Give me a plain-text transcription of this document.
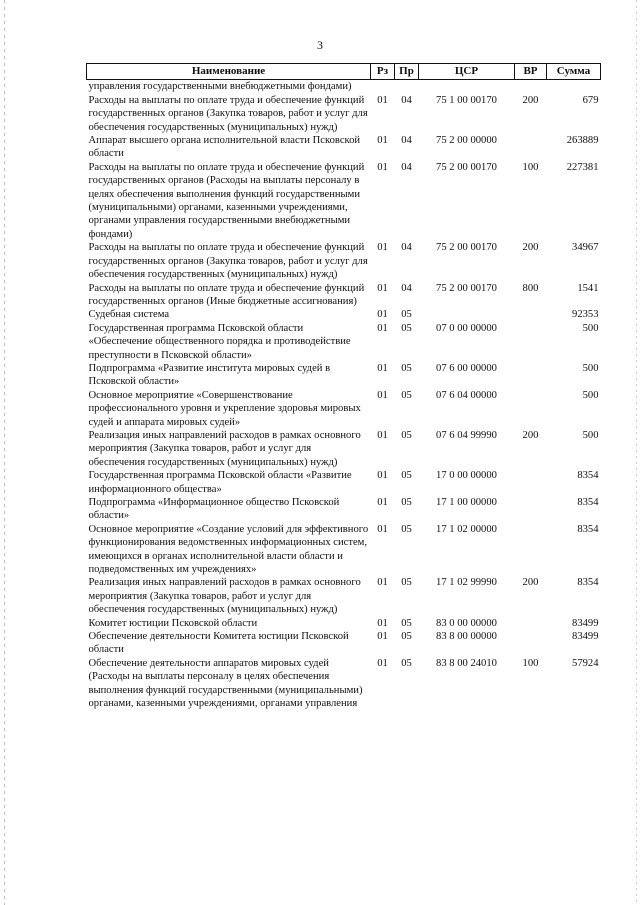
3
Наименование	Рз	Пр	ЦСР	ВР	Сумма
управления государственными внебюджетными фондами)					
Расходы на выплаты по оплате труда и обеспечение функций государственных органов (Закупка товаров, работ и услуг для обеспечения государственных (муниципальных) нужд)	01	04	75 1 00 00170	200	679
Аппарат высшего органа исполнительной власти Псковской области	01	04	75 2 00 00000		263889
Расходы на выплаты по оплате труда и обеспечение функций государственных органов (Расходы на выплаты персоналу в целях обеспечения выполнения функций государственными (муниципальными) органами, казенными учреждениями, органами управления государственными внебюджетными фондами)	01	04	75 2 00 00170	100	227381
Расходы на выплаты по оплате труда и обеспечение функций государственных органов (Закупка товаров, работ и услуг для обеспечения государственных (муниципальных) нужд)	01	04	75 2 00 00170	200	34967
Расходы на выплаты по оплате труда и обеспечение функций государственных органов (Иные бюджетные ассигнования)	01	04	75 2 00 00170	800	1541
Судебная система	01	05			92353
Государственная программа Псковской области «Обеспечение общественного порядка и противодействие преступности в Псковской области»	01	05	07 0 00 00000		500
Подпрограмма «Развитие института мировых судей в Псковской области»	01	05	07 6 00 00000		500
Основное мероприятие «Совершенствование профессионального уровня и укрепление здоровья мировых судей и аппарата мировых судей»	01	05	07 6 04 00000		500
Реализация иных направлений расходов в рамках основного мероприятия (Закупка товаров, работ и услуг для обеспечения государственных (муниципальных) нужд)	01	05	07 6 04 99990	200	500
Государственная программа Псковской области «Развитие информационного общества»	01	05	17 0 00 00000		8354
Подпрограмма «Информационное общество Псковской области»	01	05	17 1 00 00000		8354
Основное мероприятие «Создание условий для эффективного функционирования ведомственных информационных систем, имеющихся в органах исполнительной власти области и подведомственных им учреждениях»	01	05	17 1 02 00000		8354
Реализация иных направлений расходов в рамках основного мероприятия (Закупка товаров, работ и услуг для обеспечения государственных (муниципальных) нужд)	01	05	17 1 02 99990	200	8354
Комитет юстиции Псковской области	01	05	83 0 00 00000		83499
Обеспечение деятельности Комитета юстиции Псковской области	01	05	83 8 00 00000		83499
Обеспечение деятельности аппаратов мировых судей (Расходы на выплаты персоналу в целях обеспечения выполнения функций государственными (муниципальными) органами, казенными учреждениями, органами управления	01	05	83 8 00 24010	100	57924
